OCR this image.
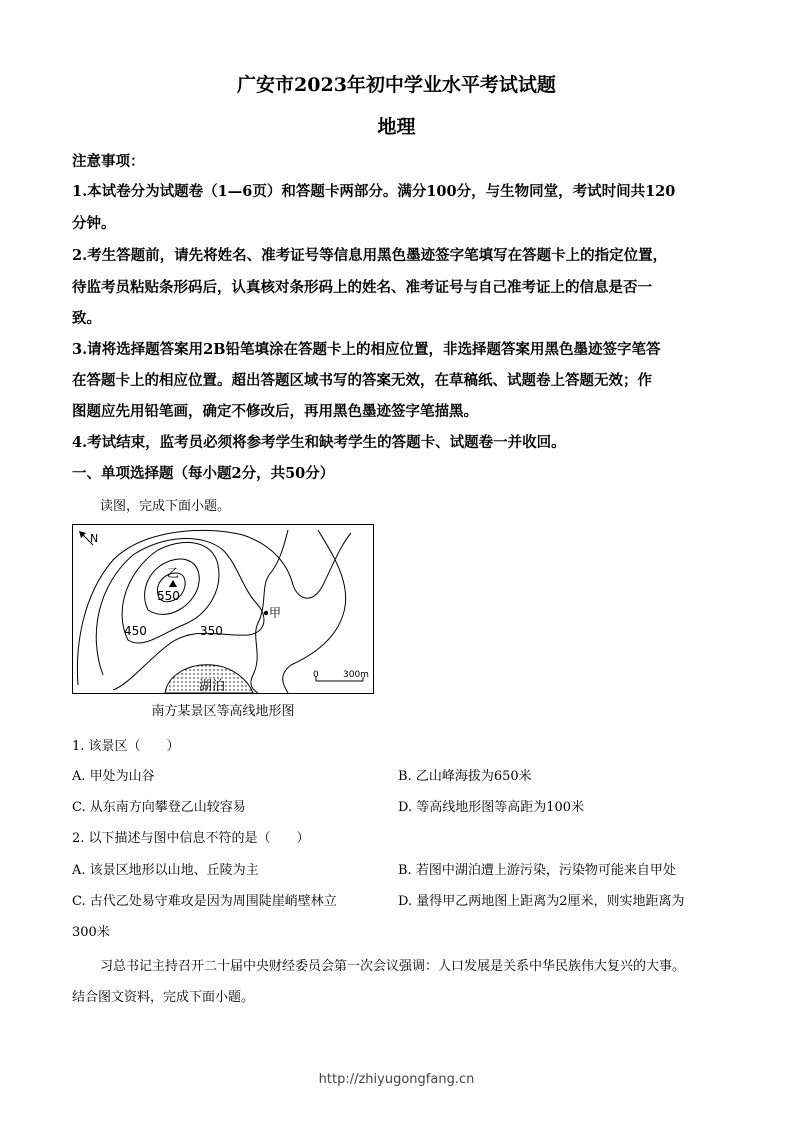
广安市2023年初中学业水平考试试题
地理
注意事项：
1.本试卷分为试题卷（1—6页）和答题卡两部分。满分100分，与生物同堂，考试时间共120
分钟。
2.考生答题前，请先将姓名、准考证号等信息用黑色墨迹签字笔填写在答题卡上的指定位置，
待监考员粘贴条形码后，认真核对条形码上的姓名、准考证号与自己准考证上的信息是否一
致。
3.请将选择题答案用2B铅笔填涂在答题卡上的相应位置，非选择题答案用黑色墨迹签字笔答
在答题卡上的相应位置。超出答题区域书写的答案无效，在草稿纸、试题卷上答题无效；作
图题应先用铅笔画，确定不修改后，再用黑色墨迹签字笔描黑。
4.考试结束，监考员必须将参考学生和缺考学生的答题卡、试题卷一并收回。
一、单项选择题（每小题2分，共50分）
读图，完成下面小题。
N
乙
550
450	350
甲
湖泊
0	300m
南方某景区等高线地形图
1. 该景区（　　）
A. 甲处为山谷	B. 乙山峰海拔为650米
C. 从东南方向攀登乙山较容易	D. 等高线地形图等高距为100米
2. 以下描述与图中信息不符的是（　　）
A. 该景区地形以山地、丘陵为主	B. 若图中湖泊遭上游污染，污染物可能来自甲处
C. 古代乙处易守难攻是因为周围陡崖峭壁林立	D. 量得甲乙两地图上距离为2厘米，则实地距离为
300米
习总书记主持召开二十届中央财经委员会第一次会议强调：人口发展是关系中华民族伟大复兴的大事。
结合图文资料，完成下面小题。
http://zhiyugongfang.cn
